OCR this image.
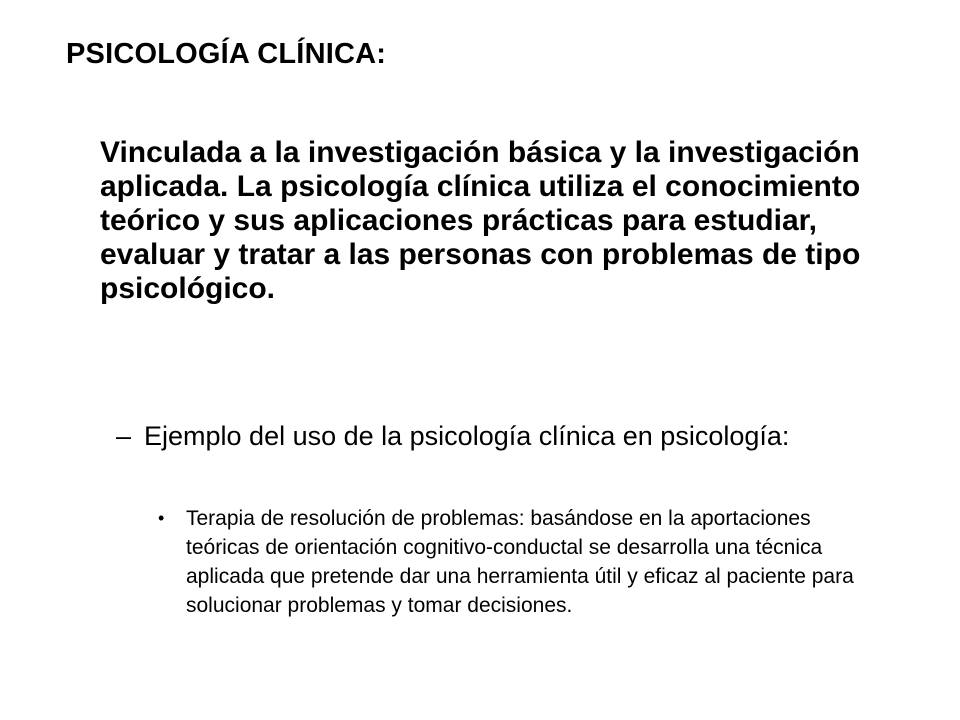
PSICOLOGÍA CLÍNICA:

Vinculada a la investigación básica y la investigación aplicada. La psicología clínica utiliza el conocimiento teórico y sus aplicaciones prácticas para estudiar, evaluar y tratar a las personas con problemas de tipo psicológico.

– Ejemplo del uso de la psicología clínica en psicología:
•	Terapia de resolución de problemas: basándose en la aportaciones teóricas de orientación cognitivo-conductal se desarrolla una técnica aplicada que pretende dar una herramienta útil y eficaz al paciente para solucionar problemas y tomar decisiones.
